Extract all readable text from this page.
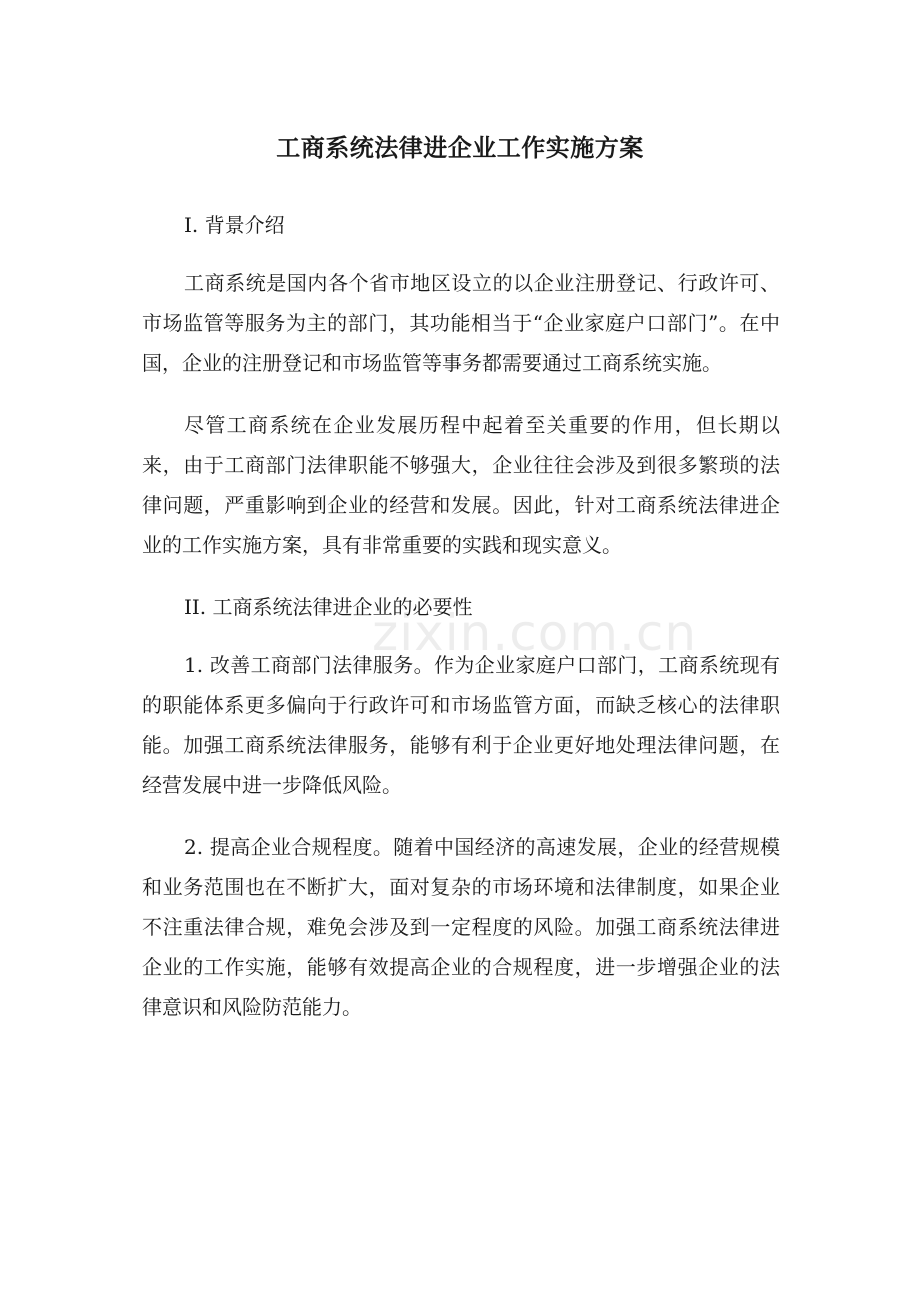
工商系统法律进企业工作实施方案
I. 背景介绍

工商系统是国内各个省市地区设立的以企业注册登记、行政许可、市场监管等服务为主的部门，其功能相当于“企业家庭户口部门”。在中国，企业的注册登记和市场监管等事务都需要通过工商系统实施。

尽管工商系统在企业发展历程中起着至关重要的作用，但长期以来，由于工商部门法律职能不够强大，企业往往会涉及到很多繁琐的法律问题，严重影响到企业的经营和发展。因此，针对工商系统法律进企业的工作实施方案，具有非常重要的实践和现实意义。

II. 工商系统法律进企业的必要性

1. 改善工商部门法律服务。作为企业家庭户口部门，工商系统现有的职能体系更多偏向于行政许可和市场监管方面，而缺乏核心的法律职能。加强工商系统法律服务，能够有利于企业更好地处理法律问题，在经营发展中进一步降低风险。

2. 提高企业合规程度。随着中国经济的高速发展，企业的经营规模和业务范围也在不断扩大，面对复杂的市场环境和法律制度，如果企业不注重法律合规，难免会涉及到一定程度的风险。加强工商系统法律进企业的工作实施，能够有效提高企业的合规程度，进一步增强企业的法律意识和风险防范能力。

zixin.com.cn
